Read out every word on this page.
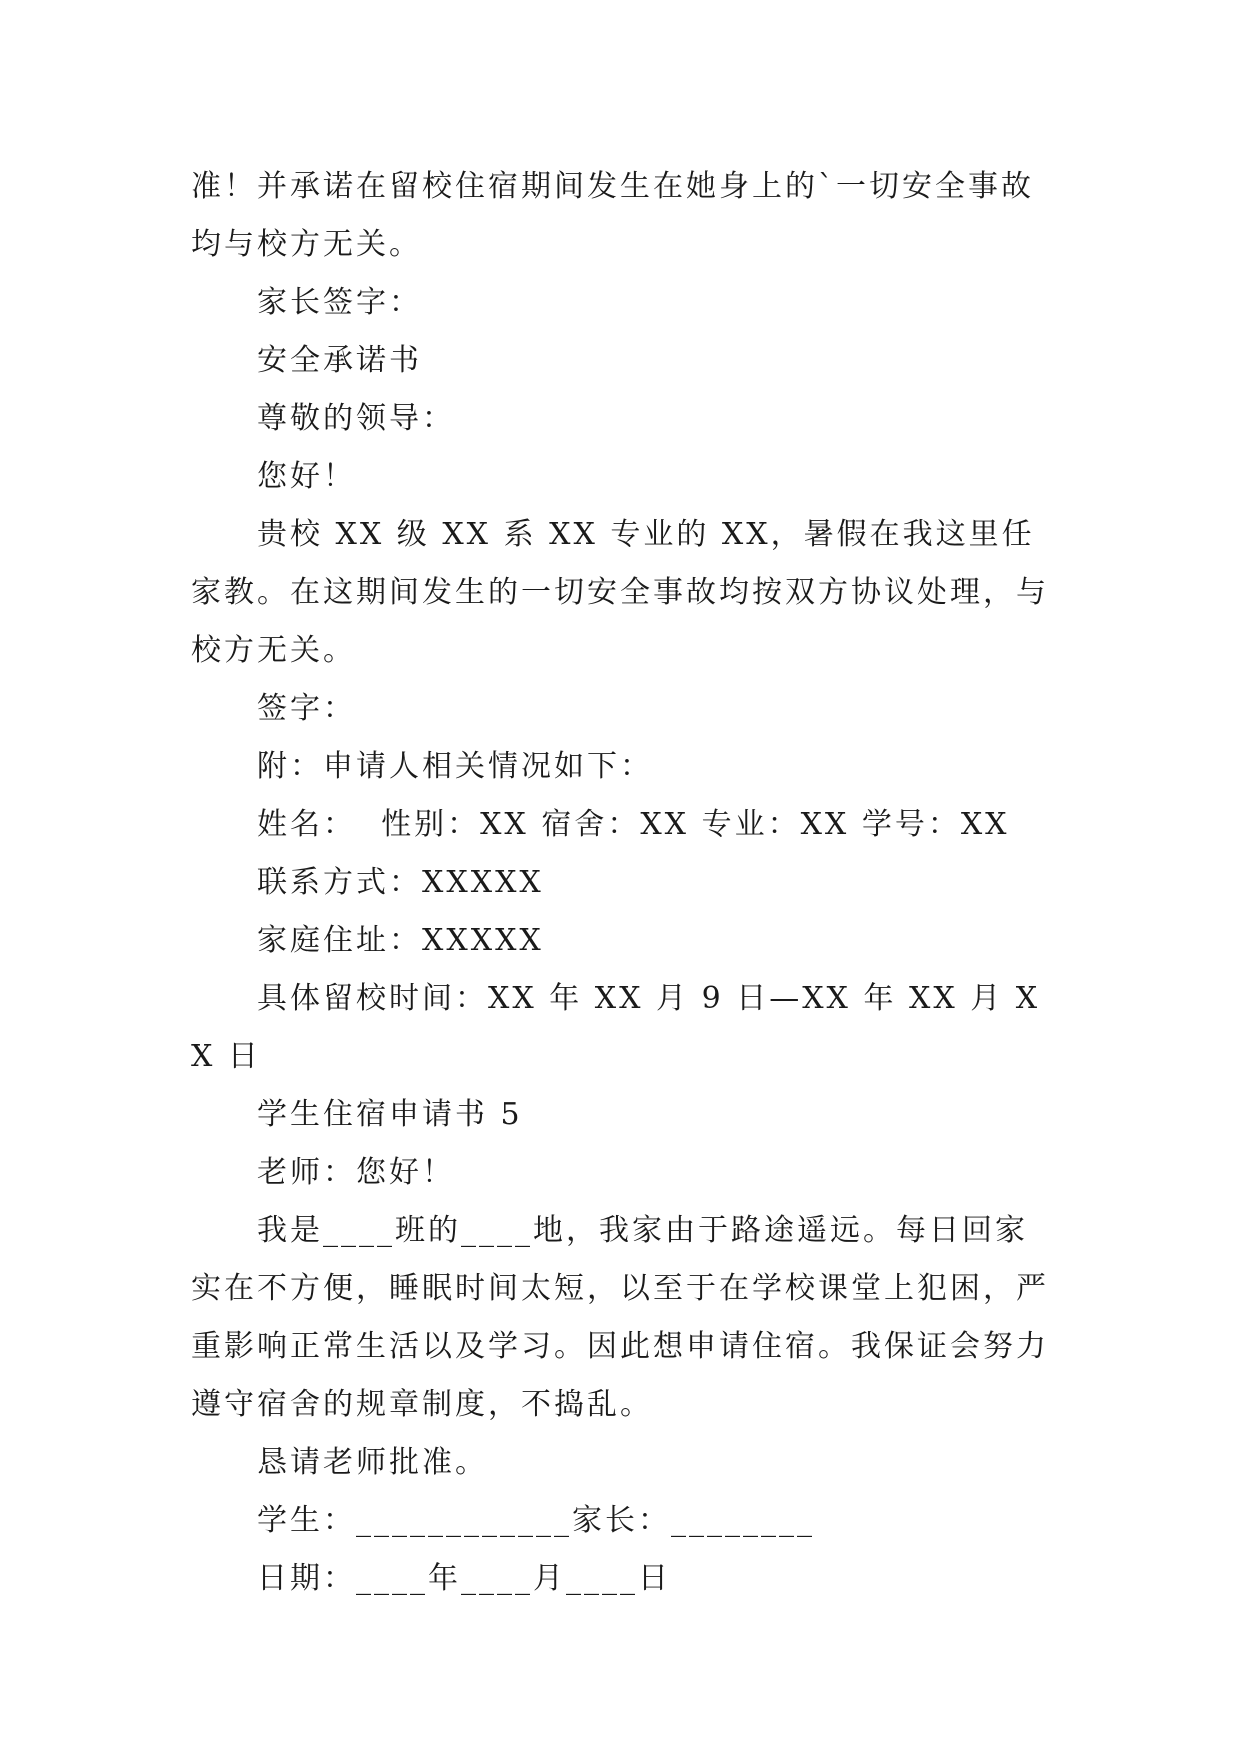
准！并承诺在留校住宿期间发生在她身上的`一切安全事故均与校方无关。

家长签字：

安全承诺书

尊敬的领导：

您好！

贵校 XX 级 XX 系 XX 专业的 XX，暑假在我这里任家教。在这期间发生的一切安全事故均按双方协议处理，与校方无关。

签字：

附：申请人相关情况如下：

姓名：  性别：XX 宿舍：XX 专业：XX 学号：XX

联系方式：XXXXX

家庭住址：XXXXX

具体留校时间：XX 年 XX 月 9 日—XX 年 XX 月 XX 日

学生住宿申请书 5

老师：您好！

我是____班的____地，我家由于路途遥远。每日回家实在不方便，睡眠时间太短，以至于在学校课堂上犯困，严重影响正常生活以及学习。因此想申请住宿。我保证会努力遵守宿舍的规章制度，不捣乱。

恳请老师批准。

学生：____________家长：________

日期：____年____月____日
